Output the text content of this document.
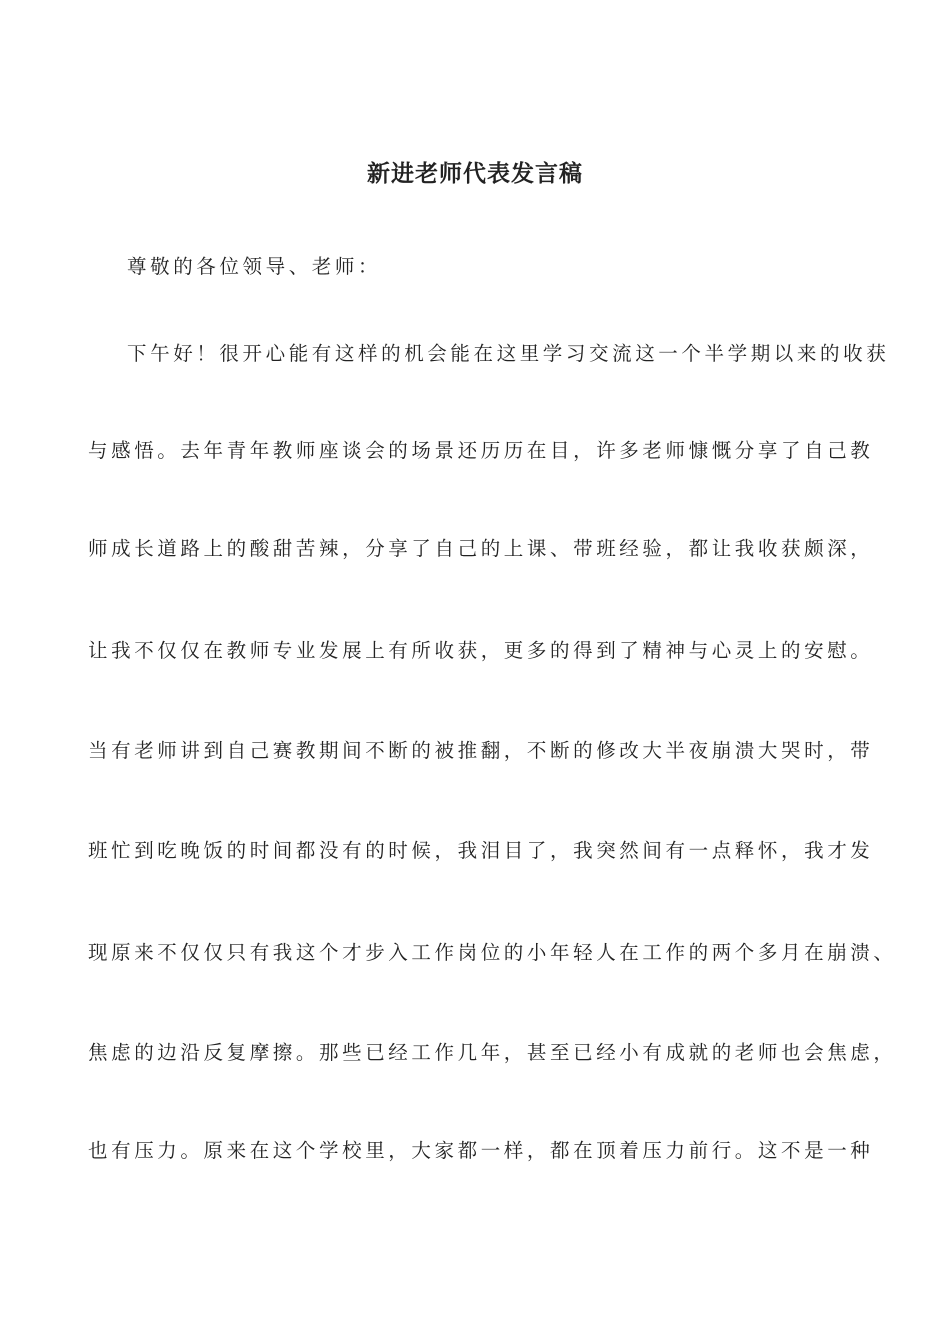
新进老师代表发言稿

尊敬的各位领导、老师：

下午好！很开心能有这样的机会能在这里学习交流这一个半学期以来的收获

与感悟。去年青年教师座谈会的场景还历历在目，许多老师慷慨分享了自己教

师成长道路上的酸甜苦辣，分享了自己的上课、带班经验，都让我收获颇深，

让我不仅仅在教师专业发展上有所收获，更多的得到了精神与心灵上的安慰。

当有老师讲到自己赛教期间不断的被推翻，不断的修改大半夜崩溃大哭时，带

班忙到吃晚饭的时间都没有的时候，我泪目了，我突然间有一点释怀，我才发

现原来不仅仅只有我这个才步入工作岗位的小年轻人在工作的两个多月在崩溃、

焦虑的边沿反复摩擦。那些已经工作几年，甚至已经小有成就的老师也会焦虑，

也有压力。原来在这个学校里，大家都一样，都在顶着压力前行。这不是一种
